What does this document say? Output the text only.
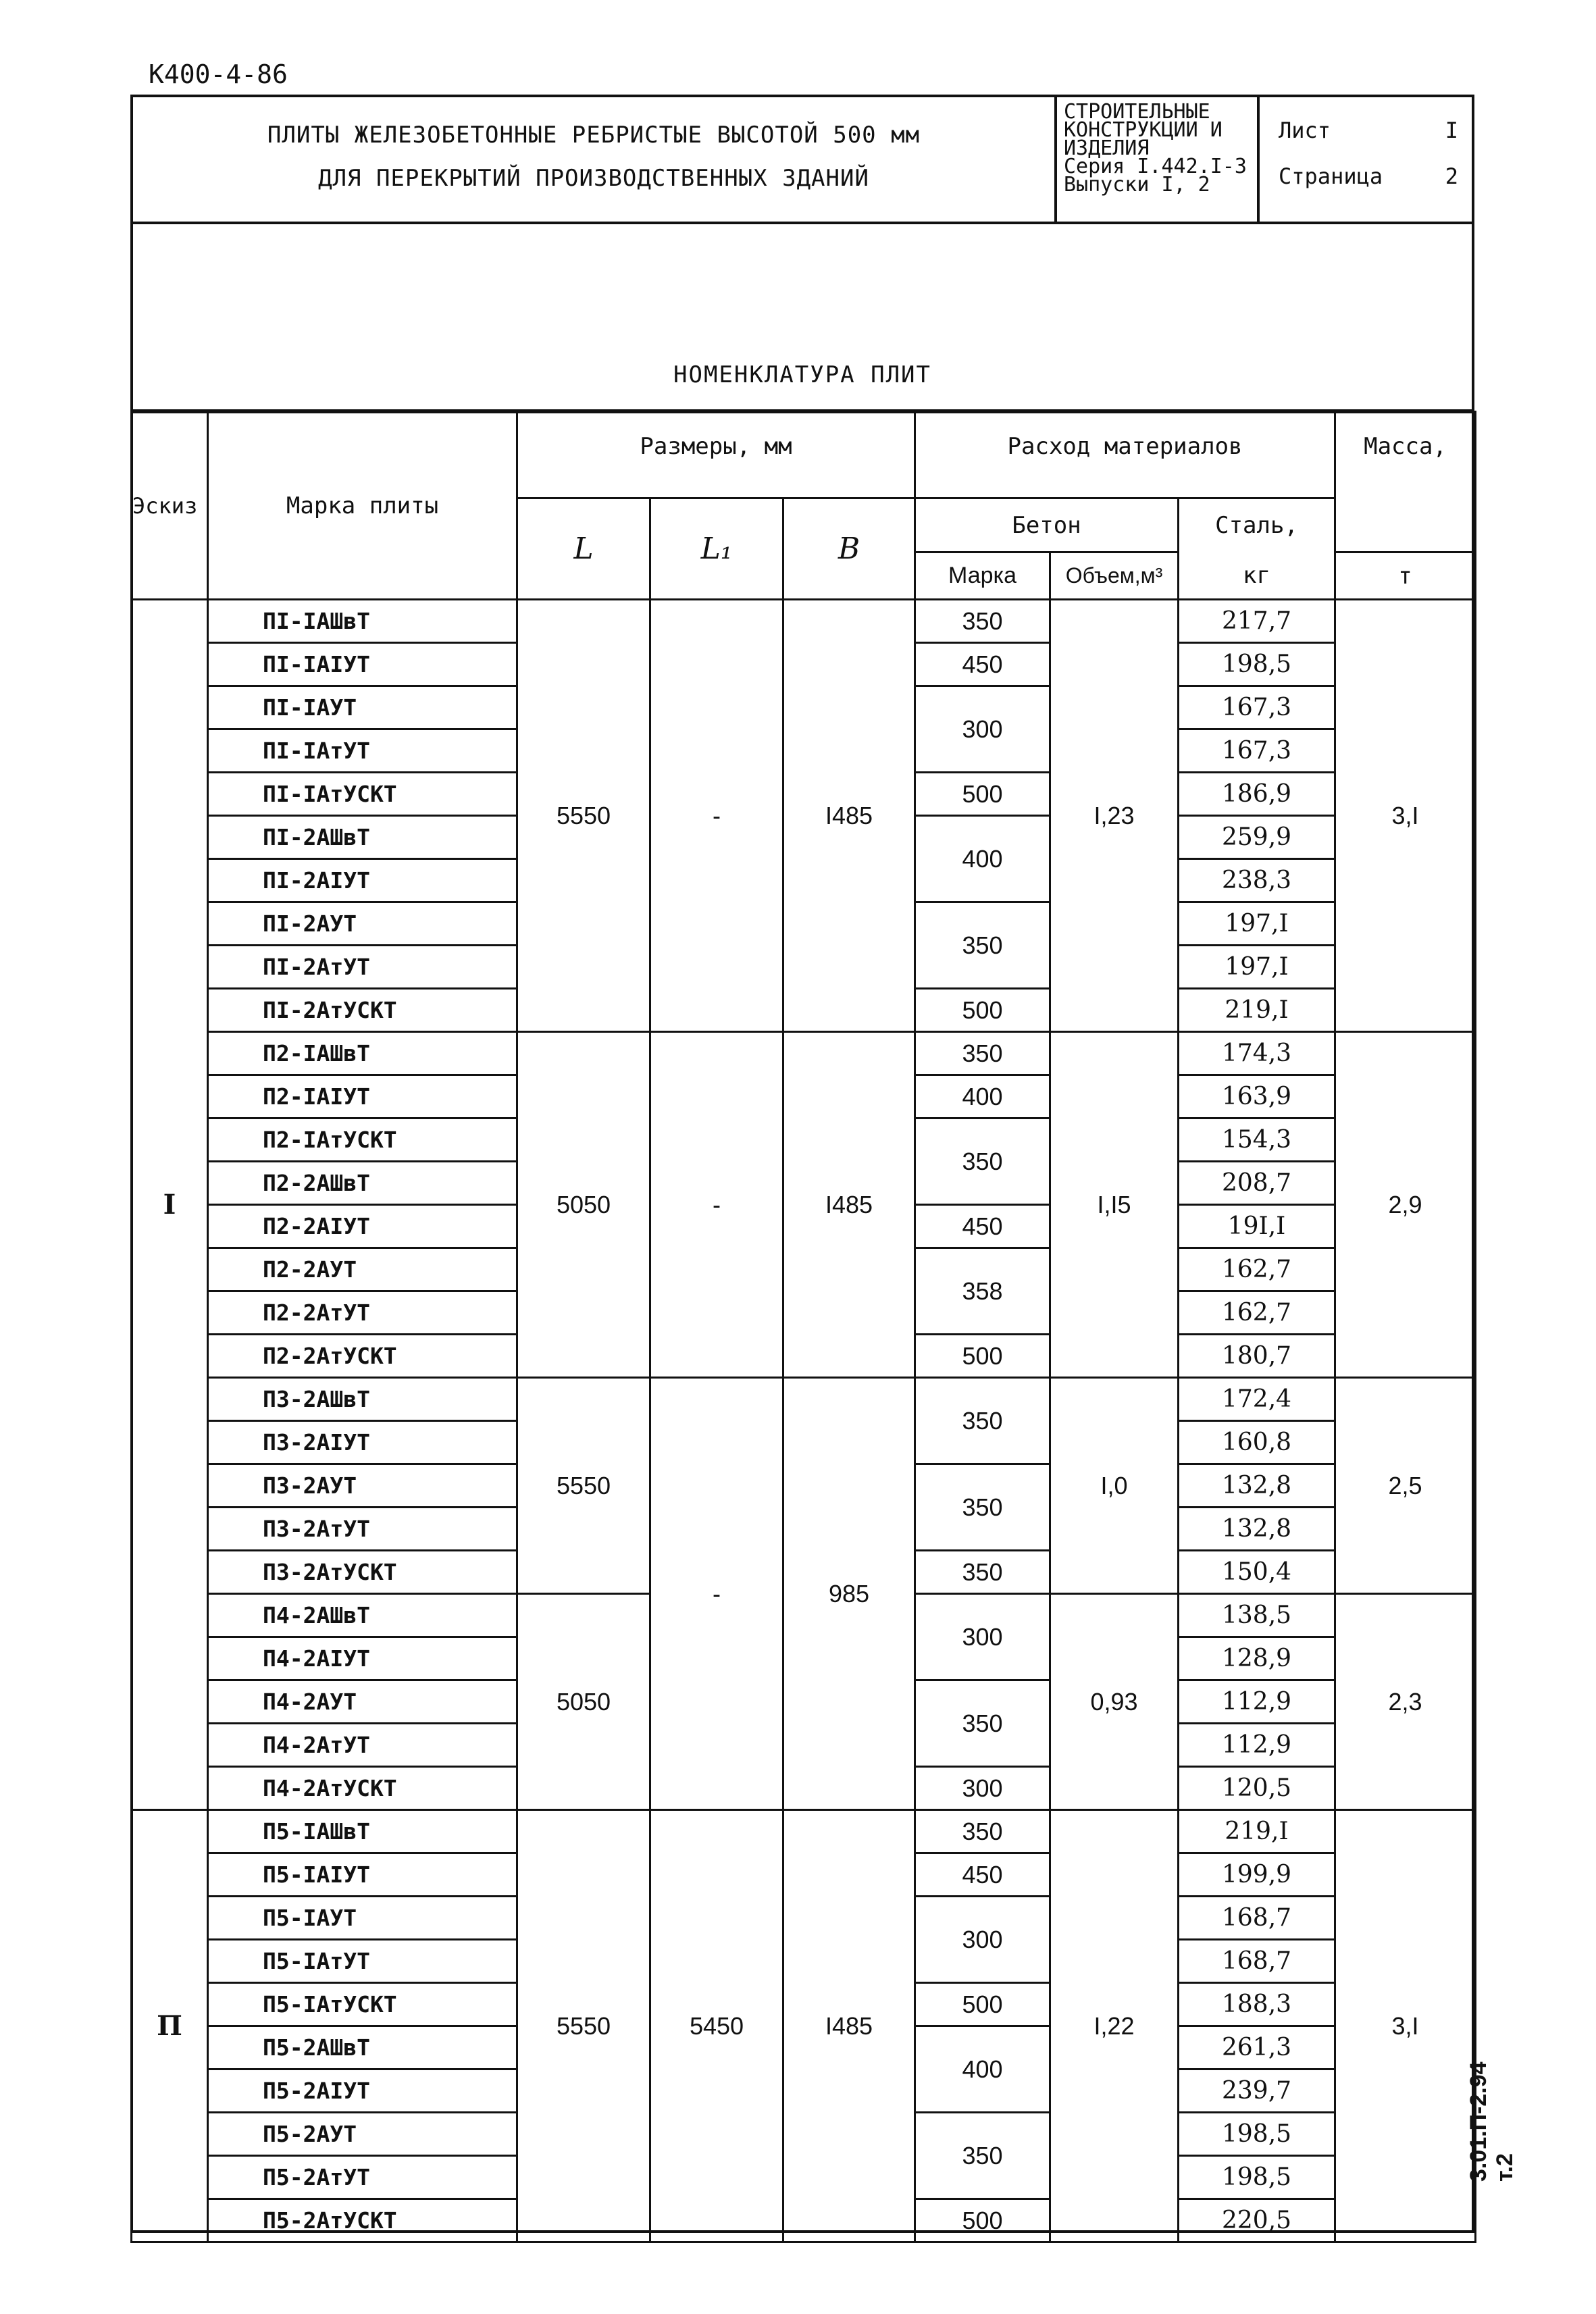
К400-4-86
ПЛИТЫ ЖЕЛЕЗОБЕТОННЫЕ РЕБРИСТЫЕ ВЫСОТОЙ 500 мм
ДЛЯ ПЕРЕКРЫТИЙ ПРОИЗВОДСТВЕННЫХ ЗДАНИЙ
СТРОИТЕЛЬНЫЕ
КОНСТРУКЦИИ И
ИЗДЕЛИЯ
Серия I.442.I-3
Выпуски I, 2
Лист	I
Страница	2
НОМЕНКЛАТУРА ПЛИТ
Эскиз	Марка плиты	Размеры, мм			Расход материалов			Масса,
		L	L₁	B	Бетон		Сталь,	
					Марка	Объем,м³	кг	т
I	ПI-IАШвТ	5550	-	I485	350	I,23	217,7	3,I
	ПI-IАIУТ				450		198,5	
	ПI-IАУТ				300		167,3	
	ПI-IАтУТ						167,3	
	ПI-IАтУСКТ				500		186,9	
	ПI-2АШвТ				400		259,9	
	ПI-2АIУТ						238,3	
	ПI-2АУТ				350		197,I	
	ПI-2АтУТ						197,I	
	ПI-2АтУСКТ				500		219,I	
	П2-IАШвТ	5050	-	I485	350	I,I5	174,3	2,9
	П2-IАIУТ				400		163,9	
	П2-IАтУСКТ				350		154,3	
	П2-2АШвТ						208,7	
	П2-2АIУТ				450		19I,I	
	П2-2АУТ				358		162,7	
	П2-2АтУТ						162,7	
	П2-2АтУСКТ				500		180,7	
	П3-2АШвТ	5550	-	985	350	I,0	172,4	2,5
	П3-2АIУТ						160,8	
	П3-2АУТ				350		132,8	
	П3-2АтУТ						132,8	
	П3-2АтУСКТ				350		150,4	
	П4-2АШвТ	5050			300	0,93	138,5	2,3
	П4-2АIУТ						128,9	
	П4-2АУТ				350		112,9	
	П4-2АтУТ						112,9	
	П4-2АтУСКТ				300		120,5	
П	П5-IАШвТ	5550	5450	I485	350	I,22	219,I	3,I
	П5-IАIУТ				450		199,9	
	П5-IАУТ				300		168,7	
	П5-IАтУТ						168,7	
	П5-IАтУСКТ				500		188,3	
	П5-2АШвТ				400		261,3	
	П5-2АIУТ						239,7	
	П5-2АУТ				350		198,5	
	П5-2АтУТ						198,5	
	П5-2АтУСКТ				500		220,5	
3.01.П-2.94 т.2
